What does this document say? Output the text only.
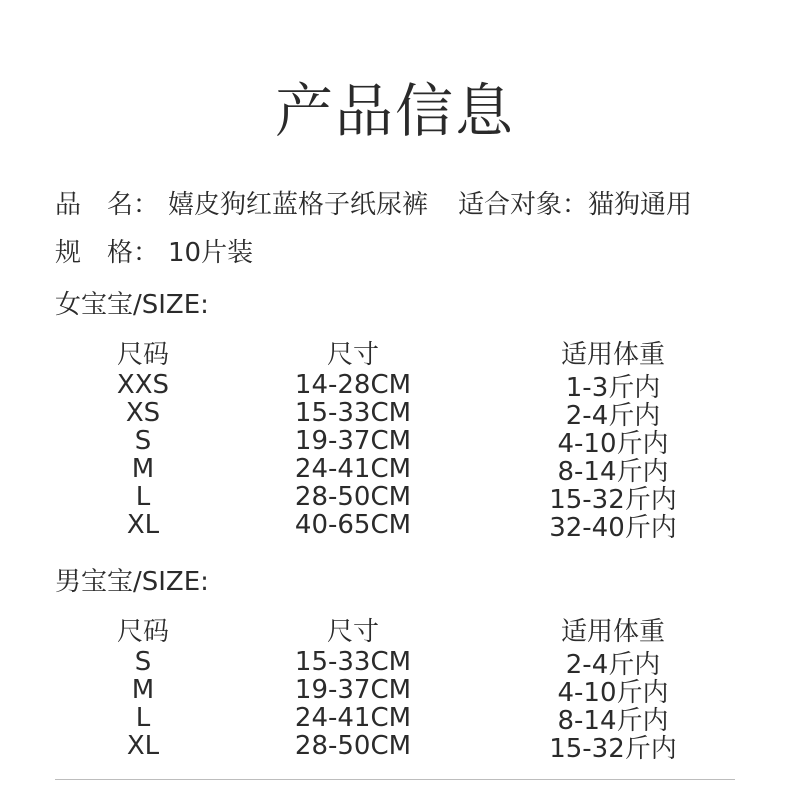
产品信息
品　名： 嬉皮狗红蓝格子纸尿裤 适合对象：猫狗通用
规　格： 10片装
女宝宝/SIZE:
尺码	尺寸	适用体重
XXS	14-28CM	1-3斤内
XS	15-33CM	2-4斤内
S	19-37CM	4-10斤内
M	24-41CM	8-14斤内
L	28-50CM	15-32斤内
XL	40-65CM	32-40斤内
男宝宝/SIZE:
尺码	尺寸	适用体重
S	15-33CM	2-4斤内
M	19-37CM	4-10斤内
L	24-41CM	8-14斤内
XL	28-50CM	15-32斤内
